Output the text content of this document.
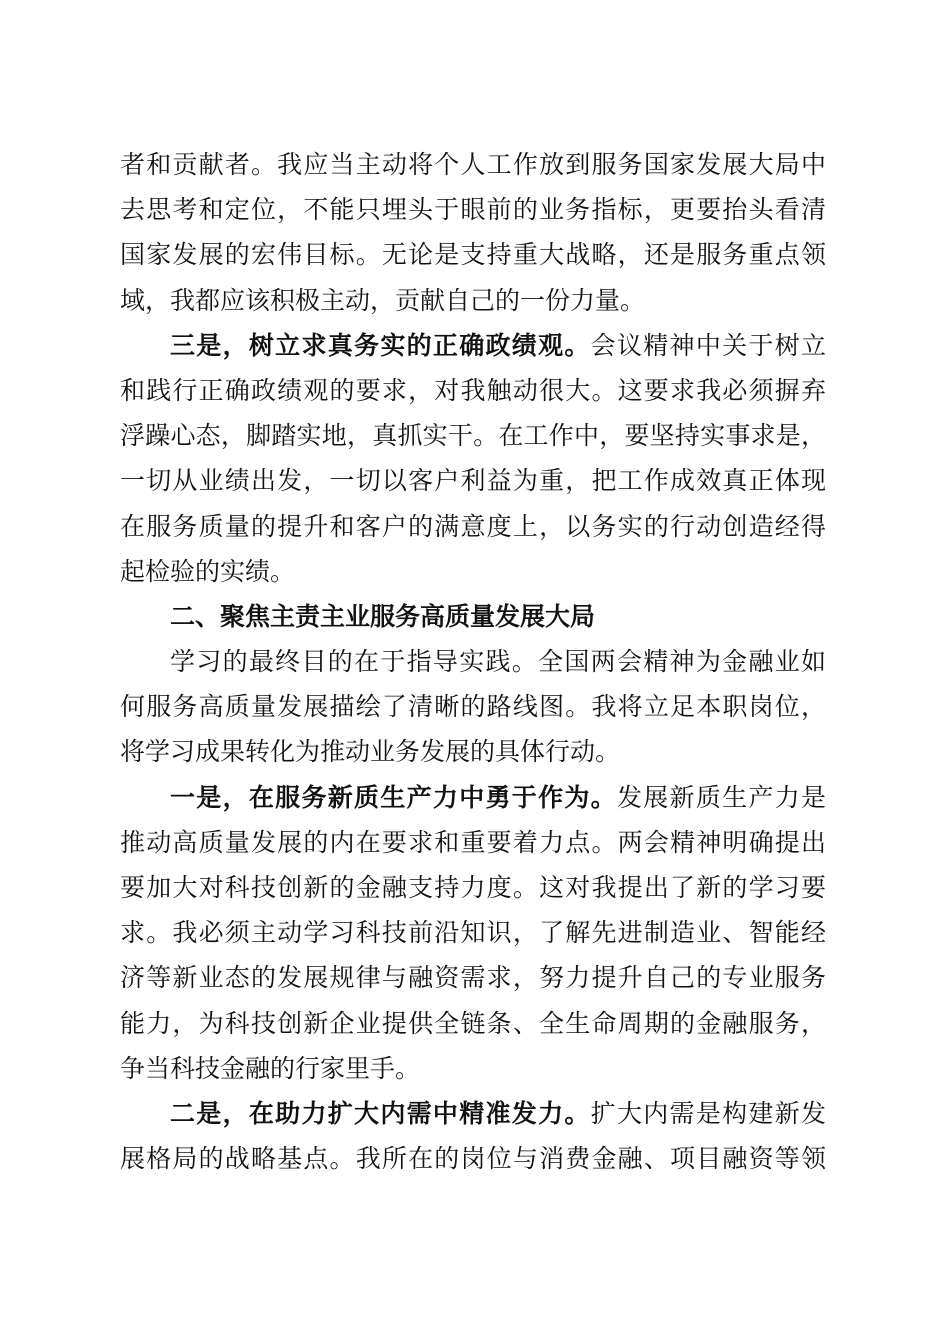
者和贡献者。我应当主动将个人工作放到服务国家发展大局中
去思考和定位，不能只埋头于眼前的业务指标，更要抬头看清
国家发展的宏伟目标。无论是支持重大战略，还是服务重点领
域，我都应该积极主动，贡献自己的一份力量。
三是，树立求真务实的正确政绩观。会议精神中关于树立
和践行正确政绩观的要求，对我触动很大。这要求我必须摒弃
浮躁心态，脚踏实地，真抓实干。在工作中，要坚持实事求是，
一切从业绩出发，一切以客户利益为重，把工作成效真正体现
在服务质量的提升和客户的满意度上，以务实的行动创造经得
起检验的实绩。
二、聚焦主责主业服务高质量发展大局
学习的最终目的在于指导实践。全国两会精神为金融业如
何服务高质量发展描绘了清晰的路线图。我将立足本职岗位，
将学习成果转化为推动业务发展的具体行动。
一是，在服务新质生产力中勇于作为。发展新质生产力是
推动高质量发展的内在要求和重要着力点。两会精神明确提出
要加大对科技创新的金融支持力度。这对我提出了新的学习要
求。我必须主动学习科技前沿知识，了解先进制造业、智能经
济等新业态的发展规律与融资需求，努力提升自己的专业服务
能力，为科技创新企业提供全链条、全生命周期的金融服务，
争当科技金融的行家里手。
二是，在助力扩大内需中精准发力。扩大内需是构建新发
展格局的战略基点。我所在的岗位与消费金融、项目融资等领
